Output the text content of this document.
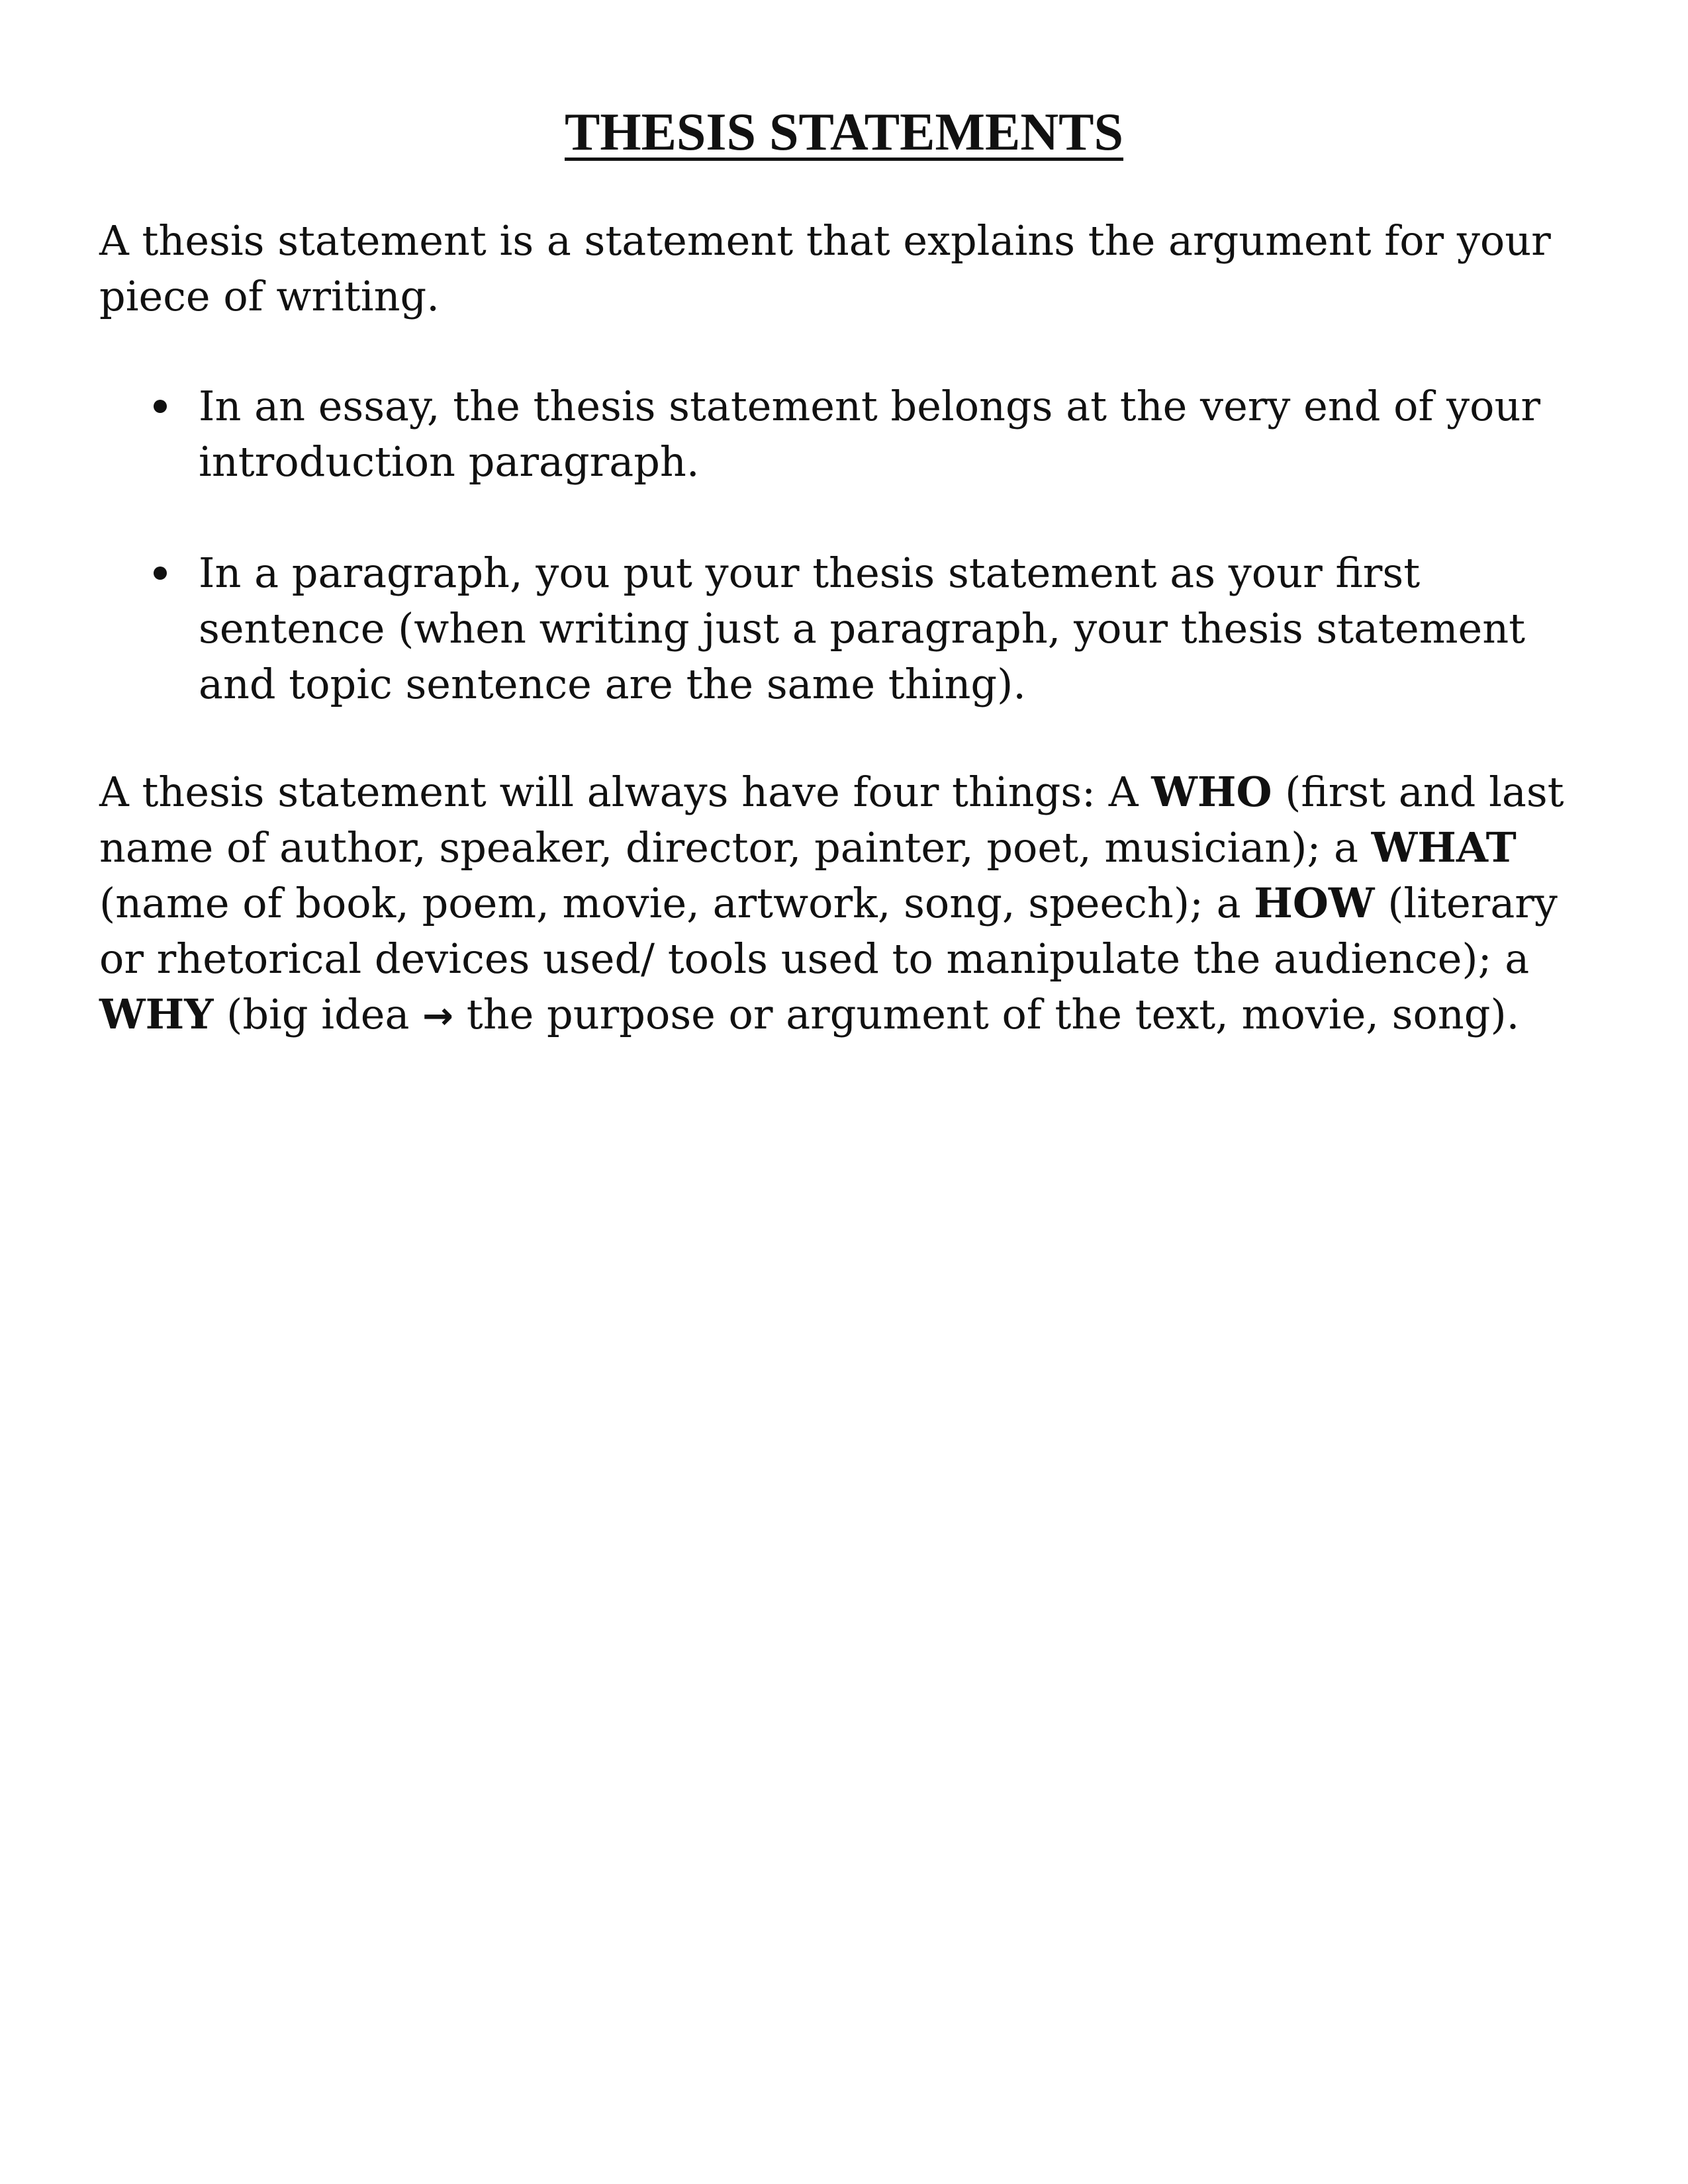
THESIS STATEMENTS

A thesis statement is a statement that explains the argument for your piece of writing.

In an essay, the thesis statement belongs at the very end of your introduction paragraph.
In a paragraph, you put your thesis statement as your first sentence (when writing just a paragraph, your thesis statement and topic sentence are the same thing).

A thesis statement will always have four things: A WHO (first and last name of author, speaker, director, painter, poet, musician); a WHAT (name of book, poem, movie, artwork, song, speech); a HOW (literary or rhetorical devices used/ tools used to manipulate the audience); a WHY (big idea → the purpose or argument of the text, movie, song).
